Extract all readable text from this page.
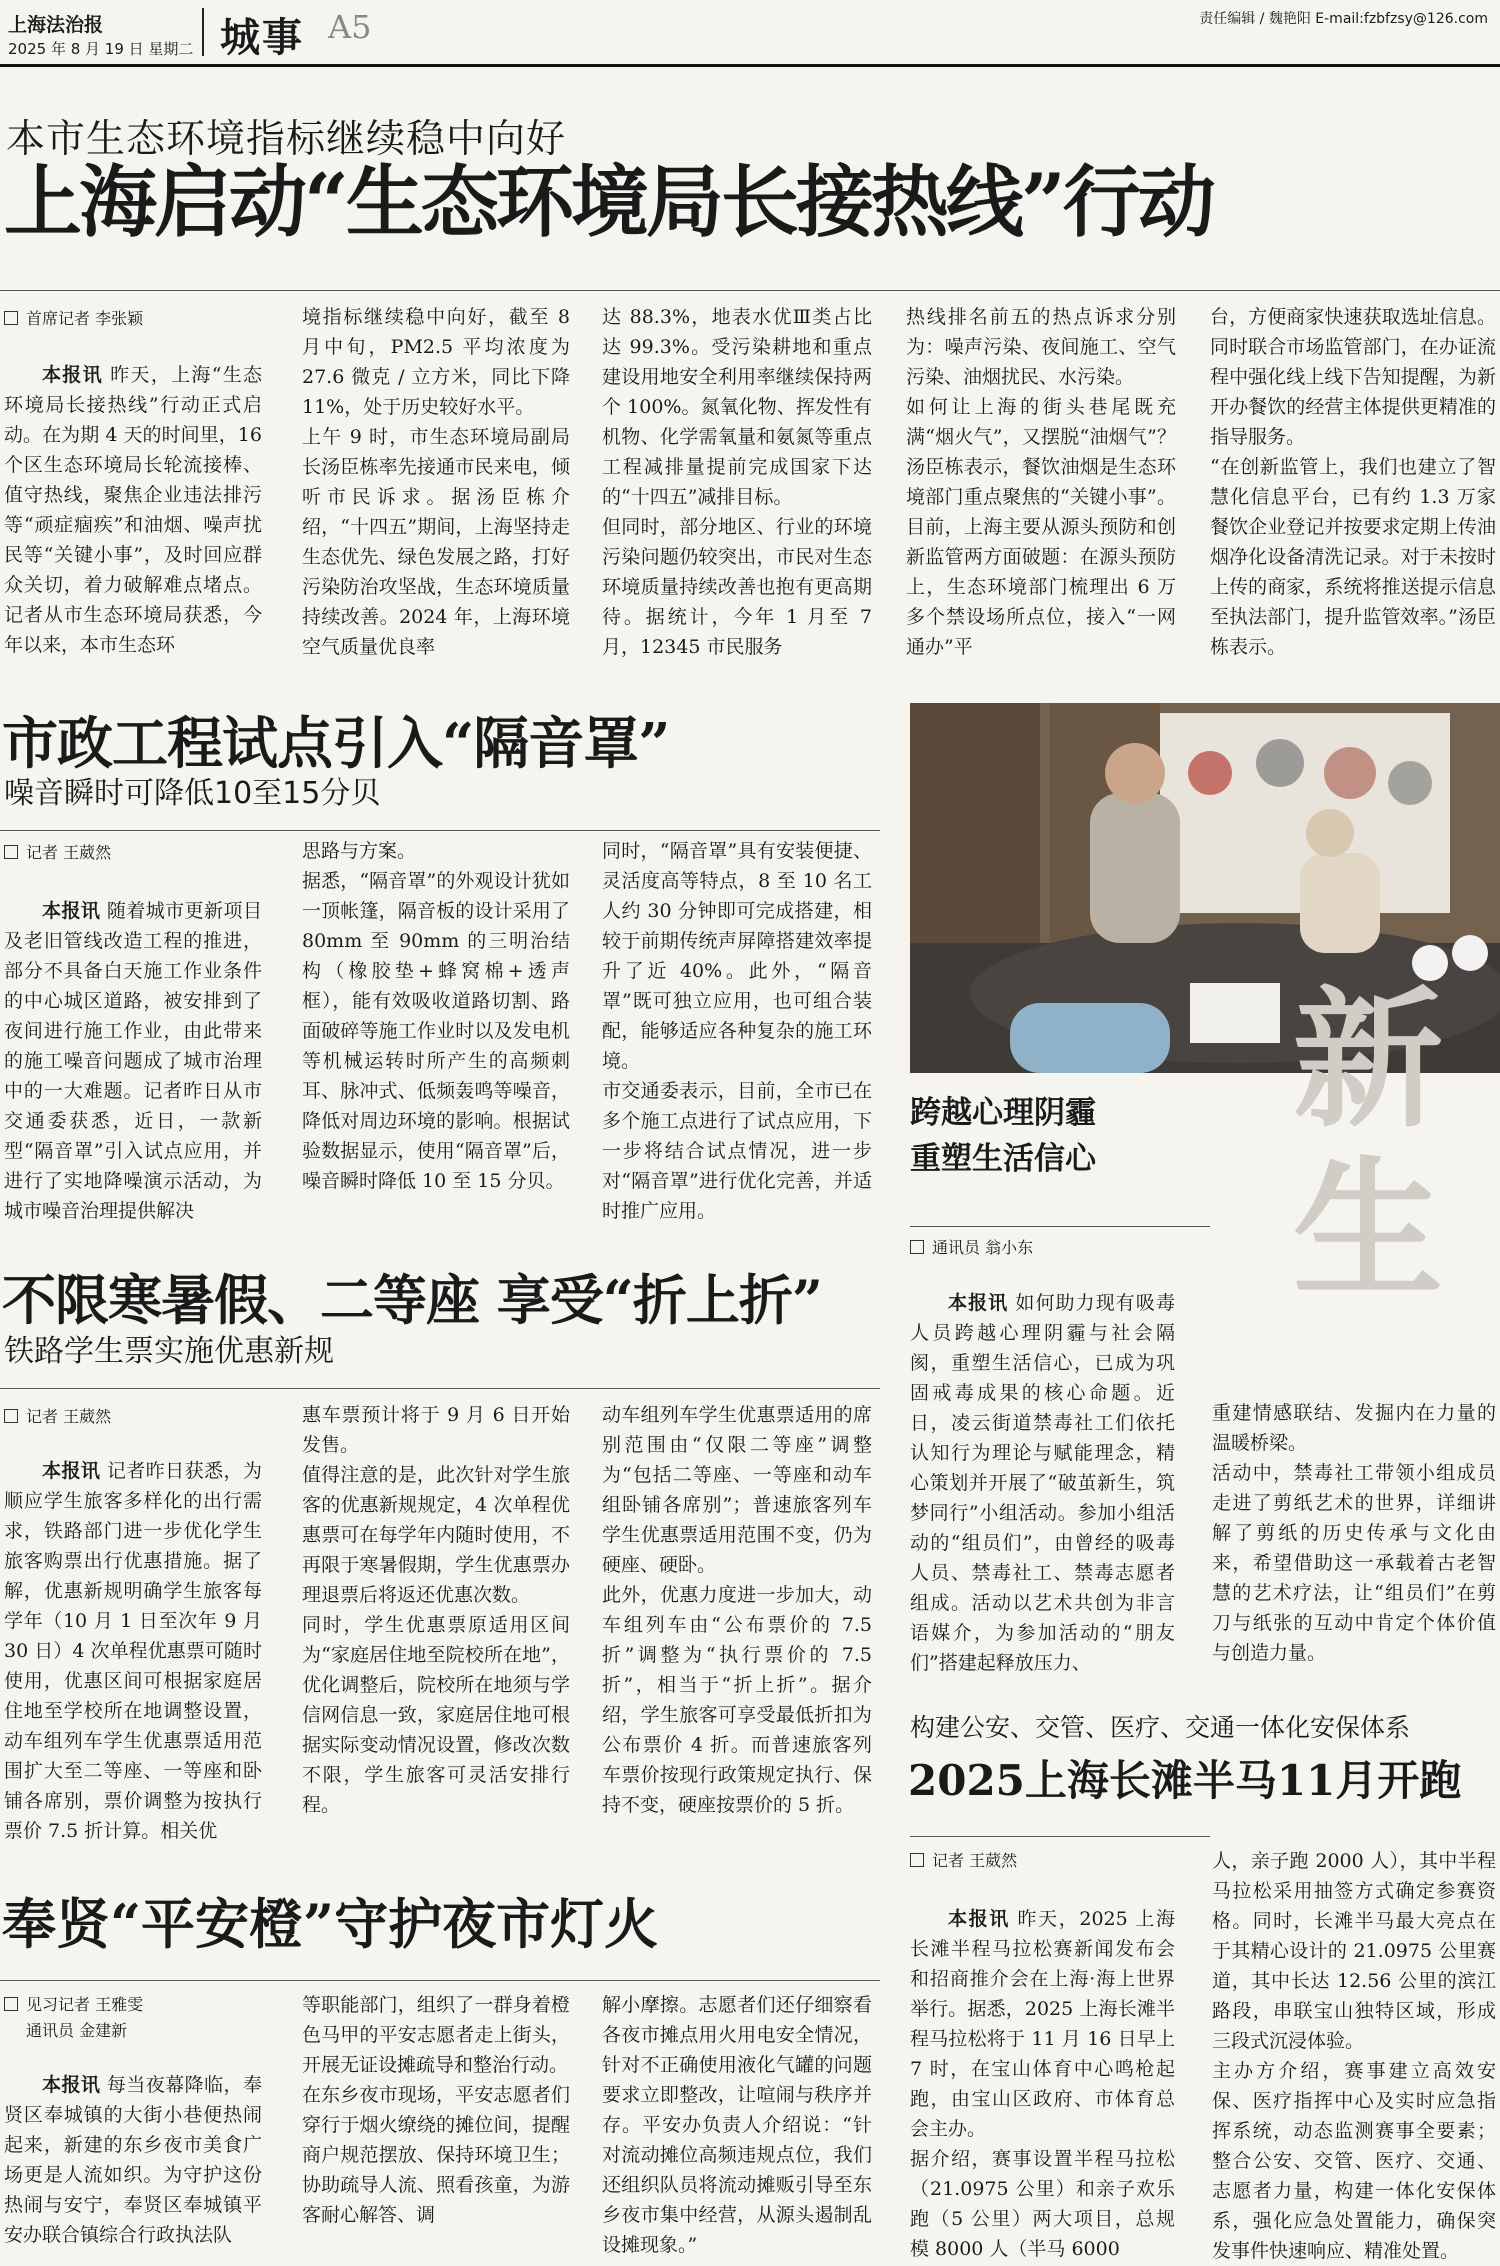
上海法治报
2025 年 8 月 19 日 星期二 城事 A5	责任编辑 / 魏艳阳 E-mail:fzbfzsy@126.com
本市生态环境指标继续稳中向好
上海启动“生态环境局长接热线”行动
首席记者 李张颖

本报讯 昨天，上海“生态环境局长接热线”行动正式启动。在为期 4 天的时间里，16 个区生态环境局长轮流接棒、值守热线，聚焦企业违法排污等“顽症痼疾”和油烟、噪声扰民等“关键小事”，及时回应群众关切，着力破解难点堵点。记者从市生态环境局获悉，今年以来，本市生态环

境指标继续稳中向好，截至 8 月中旬，PM2.5 平均浓度为 27.6 微克 / 立方米，同比下降 11%，处于历史较好水平。
上午 9 时，市生态环境局副局长汤臣栋率先接通市民来电，倾听市民诉求。据汤臣栋介绍，“十四五”期间，上海坚持走生态优先、绿色发展之路，打好污染防治攻坚战，生态环境质量持续改善。2024 年，上海环境空气质量优良率
达 88.3%，地表水优Ⅲ类占比达 99.3%。受污染耕地和重点建设用地安全利用率继续保持两个 100%。氮氧化物、挥发性有机物、化学需氧量和氨氮等重点工程减排量提前完成国家下达的“十四五”减排目标。
但同时，部分地区、行业的环境污染问题仍较突出，市民对生态环境质量持续改善也抱有更高期待。据统计，今年 1 月至 7 月，12345 市民服务
热线排名前五的热点诉求分别为：噪声污染、夜间施工、空气污染、油烟扰民、水污染。
如何让上海的街头巷尾既充满“烟火气”，又摆脱“油烟气”？汤臣栋表示，餐饮油烟是生态环境部门重点聚焦的“关键小事”。目前，上海主要从源头预防和创新监管两方面破题：在源头预防上，生态环境部门梳理出 6 万多个禁设场所点位，接入“一网通办”平
台，方便商家快速获取选址信息。同时联合市场监管部门，在办证流程中强化线上线下告知提醒，为新开办餐饮的经营主体提供更精准的指导服务。
“在创新监管上，我们也建立了智慧化信息平台，已有约 1.3 万家餐饮企业登记并按要求定期上传油烟净化设备清洗记录。对于未按时上传的商家，系统将推送提示信息至执法部门，提升监管效率。”汤臣栋表示。
市政工程试点引入“隔音罩”
噪音瞬时可降低10至15分贝
记者 王葳然

本报讯 随着城市更新项目及老旧管线改造工程的推进，部分不具备白天施工作业条件的中心城区道路，被安排到了夜间进行施工作业，由此带来的施工噪音问题成了城市治理中的一大难题。记者昨日从市交通委获悉，近日，一款新型“隔音罩”引入试点应用，并进行了实地降噪演示活动，为城市噪音治理提供解决

思路与方案。
据悉，“隔音罩”的外观设计犹如一顶帐篷，隔音板的设计采用了 80mm 至 90mm 的三明治结构（橡胶垫+蜂窝棉+透声框），能有效吸收道路切割、路面破碎等施工作业时以及发电机等机械运转时所产生的高频刺耳、脉冲式、低频轰鸣等噪音，降低对周边环境的影响。根据试验数据显示，使用“隔音罩”后，噪音瞬时降低 10 至 15 分贝。
同时，“隔音罩”具有安装便捷、灵活度高等特点，8 至 10 名工人约 30 分钟即可完成搭建，相较于前期传统声屏障搭建效率提升了近 40%。此外，“隔音罩”既可独立应用，也可组合装配，能够适应各种复杂的施工环境。
市交通委表示，目前，全市已在多个施工点进行了试点应用，下一步将结合试点情况，进一步对“隔音罩”进行优化完善，并适时推广应用。	新生
跨越心理阴霾
重塑生活信心
通讯员 翁小东

本报讯 如何助力现有吸毒人员跨越心理阴霾与社会隔阂，重塑生活信心，已成为巩固戒毒成果的核心命题。近日，凌云街道禁毒社工们依托认知行为理论与赋能理念，精心策划并开展了“破茧新生，筑梦同行”小组活动。参加小组活动的“组员们”，由曾经的吸毒人员、禁毒社工、禁毒志愿者组成。活动以艺术共创为非言语媒介，为参加活动的“朋友们”搭建起释放压力、

重建情感联结、发掘内在力量的温暖桥梁。
活动中，禁毒社工带领小组成员走进了剪纸艺术的世界，详细讲解了剪纸的历史传承与文化由来，希望借助这一承载着古老智慧的艺术疗法，让“组员们”在剪刀与纸张的互动中肯定个体价值与创造力量。
不限寒暑假、二等座 享受“折上折”
铁路学生票实施优惠新规
记者 王葳然

本报讯 记者昨日获悉，为顺应学生旅客多样化的出行需求，铁路部门进一步优化学生旅客购票出行优惠措施。据了解，优惠新规明确学生旅客每学年（10 月 1 日至次年 9 月 30 日）4 次单程优惠票可随时使用，优惠区间可根据家庭居住地至学校所在地调整设置，动车组列车学生优惠票适用范围扩大至二等座、一等座和卧铺各席别，票价调整为按执行票价 7.5 折计算。相关优

惠车票预计将于 9 月 6 日开始发售。
值得注意的是，此次针对学生旅客的优惠新规规定，4 次单程优惠票可在每学年内随时使用，不再限于寒暑假期，学生优惠票办理退票后将返还优惠次数。
同时，学生优惠票原适用区间为“家庭居住地至院校所在地”，优化调整后，院校所在地须与学信网信息一致，家庭居住地可根据实际变动情况设置，修改次数不限，学生旅客可灵活安排行程。
动车组列车学生优惠票适用的席别范围由“仅限二等座”调整为“包括二等座、一等座和动车组卧铺各席别”；普速旅客列车学生优惠票适用范围不变，仍为硬座、硬卧。
此外，优惠力度进一步加大，动车组列车由“公布票价的 7.5 折”调整为“执行票价的 7.5 折”，相当于“折上折”。据介绍，学生旅客可享受最低折扣为公布票价 4 折。而普速旅客列车票价按现行政策规定执行、保持不变，硬座按票价的 5 折。
构建公安、交管、医疗、交通一体化安保体系
2025上海长滩半马11月开跑
记者 王葳然
本报讯 昨天，2025 上海长滩半程马拉松赛新闻发布会和招商推介会在上海·海上世界举行。据悉，2025 上海长滩半程马拉松将于 11 月 16 日早上 7 时，在宝山体育中心鸣枪起跑，由宝山区政府、市体育总会主办。
据介绍，赛事设置半程马拉松（21.0975 公里）和亲子欢乐跑（5 公里）两大项目，总规模 8000 人（半马 6000
人，亲子跑 2000 人），其中半程马拉松采用抽签方式确定参赛资格。同时，长滩半马最大亮点在于其精心设计的 21.0975 公里赛道，其中长达 12.56 公里的滨江路段，串联宝山独特区域，形成三段式沉浸体验。
主办方介绍，赛事建立高效安保、医疗指挥中心及实时应急指挥系统，动态监测赛事全要素；整合公安、交管、医疗、交通、志愿者力量，构建一体化安保体系，强化应急处置能力，确保突发事件快速响应、精准处置。
奉贤“平安橙”守护夜市灯火
见习记者 王雅雯
通讯员 金建新

本报讯 每当夜幕降临，奉贤区奉城镇的大街小巷便热闹起来，新建的东乡夜市美食广场更是人流如织。为守护这份热闹与安宁，奉贤区奉城镇平安办联合镇综合行政执法队

等职能部门，组织了一群身着橙色马甲的平安志愿者走上街头，开展无证设摊疏导和整治行动。
在东乡夜市现场，平安志愿者们穿行于烟火缭绕的摊位间，提醒商户规范摆放、保持环境卫生；协助疏导人流、照看孩童，为游客耐心解答、调
解小摩擦。志愿者们还仔细察看各夜市摊点用火用电安全情况，针对不正确使用液化气罐的问题要求立即整改，让喧闹与秩序并存。平安办负责人介绍说：“针对流动摊位高频违规点位，我们还组织队员将流动摊贩引导至东乡夜市集中经营，从源头遏制乱设摊现象。”
